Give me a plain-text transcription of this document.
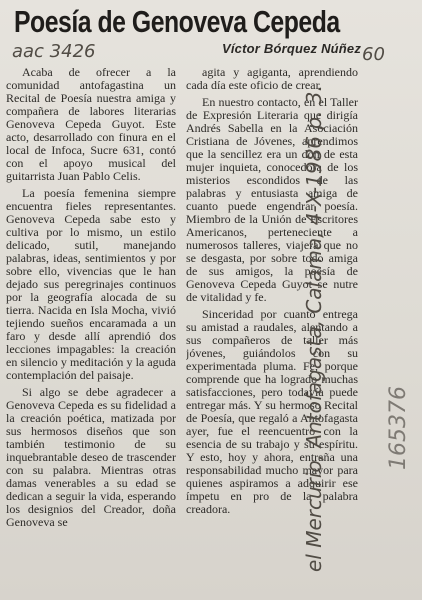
Poesía de Genoveva Cepeda
aac 3426	Víctor Bórquez Núñez 60

Acaba de ofrecer a la comunidad antofagastina un Recital de Poesía nuestra amiga y compañera de labores literarias Genoveva Cepeda Guyot. Este acto, desarrollado con finura en el local de Infoca, Sucre 631, contó con el apoyo musical del guitarrista Juan Pablo Celis.

La poesía femenina siempre encuentra fieles representantes. Genoveva Cepeda sabe esto y cultiva por lo mismo, un estilo delicado, sutil, manejando palabras, ideas, sentimientos y por sobre ello, vivencias que le han dejado sus peregrinajes continuos por la geografía alocada de su tierra. Nacida en Isla Mocha, vivió tejiendo sueños encaramada a un faro y desde allí aprendió dos lecciones impagables: la creación en silencio y meditación y la aguda contemplación del paisaje.

Si algo se debe agradecer a Genoveva Cepeda es su fidelidad a la creación poética, matizada por sus hermosos diseños que son también testimonio de su inquebrantable deseo de trascender con su palabra. Mientras otras damas venerables a su edad se dedican a seguir la vida, esperando los designios del Creador, doña Genoveva se

agita y agiganta, aprendiendo cada día este oficio de crear.

En nuestro contacto, en el Taller de Expresión Literaria que dirigía Andrés Sabella en la Asociación Cristiana de Jóvenes, aprendimos que la sencillez era un don de esta mujer inquieta, conocedora de los misterios escondidos de las palabras y entusiasta amiga de cuanto puede engendrar poesía. Miembro de la Unión de Escritores Americanos, perteneciente a numerosos talleres, viajera que no se desgasta, por sobre todo amiga de sus amigos, la poesía de Genoveva Cepeda Guyot se nutre de vitalidad y fe.

Sinceridad por cuanto entrega su amistad a raudales, alentando a sus compañeros de taller más jóvenes, guiándolos con su experimentada pluma. Fe, porque comprende que ha logrado muchas satisfacciones, pero todavía puede entregar más. Y su hermoso Recital de Poesía, que regaló a Antofagasta ayer, fue el reencuentro con la esencia de su trabajo y su espíritu. Y esto, hoy y ahora, entraña una responsabilidad mucho mayor para quienes aspiramos a adquirir ese ímpetu en pro de la palabra creadora.	el Mercurio, Antofagasta, Calama, 4-X-1986 p. 3.	165376
